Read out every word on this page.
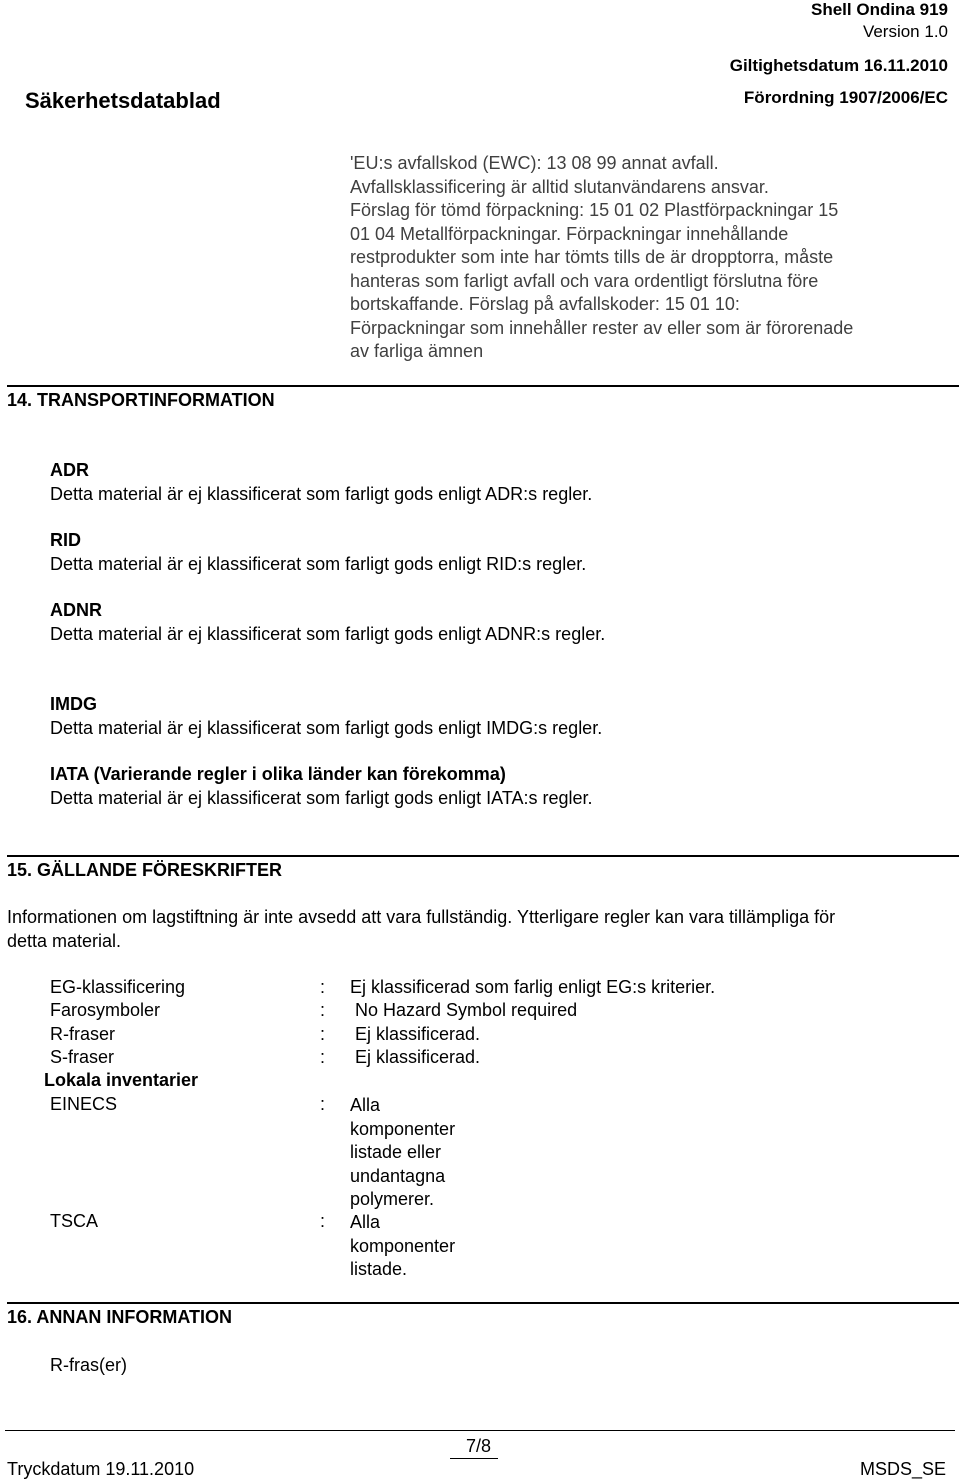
Shell Ondina 919
Version 1.0
Giltighetsdatum 16.11.2010
Säkerhetsdatablad	Förordning 1907/2006/EC
'EU:s avfallskod (EWC): 13 08 99 annat avfall.
Avfallsklassificering är alltid slutanvändarens ansvar.
Förslag för tömd förpackning: 15 01 02 Plastförpackningar 15
01 04 Metallförpackningar. Förpackningar innehållande
restprodukter som inte har tömts tills de är dropptorra, måste
hanteras som farligt avfall och vara ordentligt förslutna före
bortskaffande. Förslag på avfallskoder: 15 01 10:
Förpackningar som innehåller rester av eller som är förorenade
av farliga ämnen
14. TRANSPORTINFORMATION
ADR
Detta material är ej klassificerat som farligt gods enligt ADR:s regler.
RID
Detta material är ej klassificerat som farligt gods enligt RID:s regler.
ADNR
Detta material är ej klassificerat som farligt gods enligt ADNR:s regler.
IMDG
Detta material är ej klassificerat som farligt gods enligt IMDG:s regler.
IATA (Varierande regler i olika länder kan förekomma)
Detta material är ej klassificerat som farligt gods enligt IATA:s regler.
15. GÄLLANDE FÖRESKRIFTER
Informationen om lagstiftning är inte avsedd att vara fullständig. Ytterligare regler kan vara tillämpliga för
detta material.
EG-klassificering	: Ej klassificerad som farlig enligt EG:s kriterier.
Farosymboler	: No Hazard Symbol required
R-fraser	: Ej klassificerad.
S-fraser	: Ej klassificerad.
Lokala inventarier
EINECS	: Alla
komponenter
listade eller
undantagna
polymerer.
TSCA	: Alla
komponenter
listade.
16. ANNAN INFORMATION
R-fras(er)
7/8
Tryckdatum 19.11.2010	MSDS_SE
